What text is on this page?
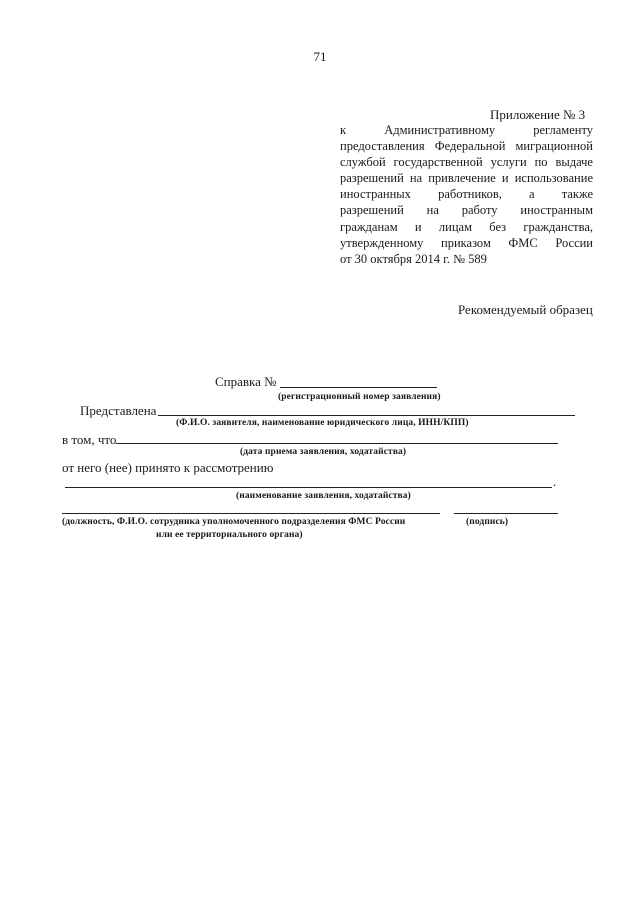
71
Приложение № 3
к Административному регламенту
предоставления Федеральной миграционной
службой государственной услуги по выдаче
разрешений на привлечение и использование
иностранных работников, а также
разрешений на работу иностранным
гражданам и лицам без гражданства,
утвержденному приказом ФМС России
от 30 октября 2014 г. № 589
Рекомендуемый образец
Справка №
(регистрационный номер заявления)
Представлена
(Ф.И.О. заявителя, наименование юридического лица, ИНН/КПП)
в том, что
(дата приема заявления, ходатайства)
от него (нее) принято к рассмотрению
.
(наименование заявления, ходатайства)
(должность, Ф.И.О. сотрудника уполномоченного подразделения ФМС России	(подпись)
или ее территориального органа)
